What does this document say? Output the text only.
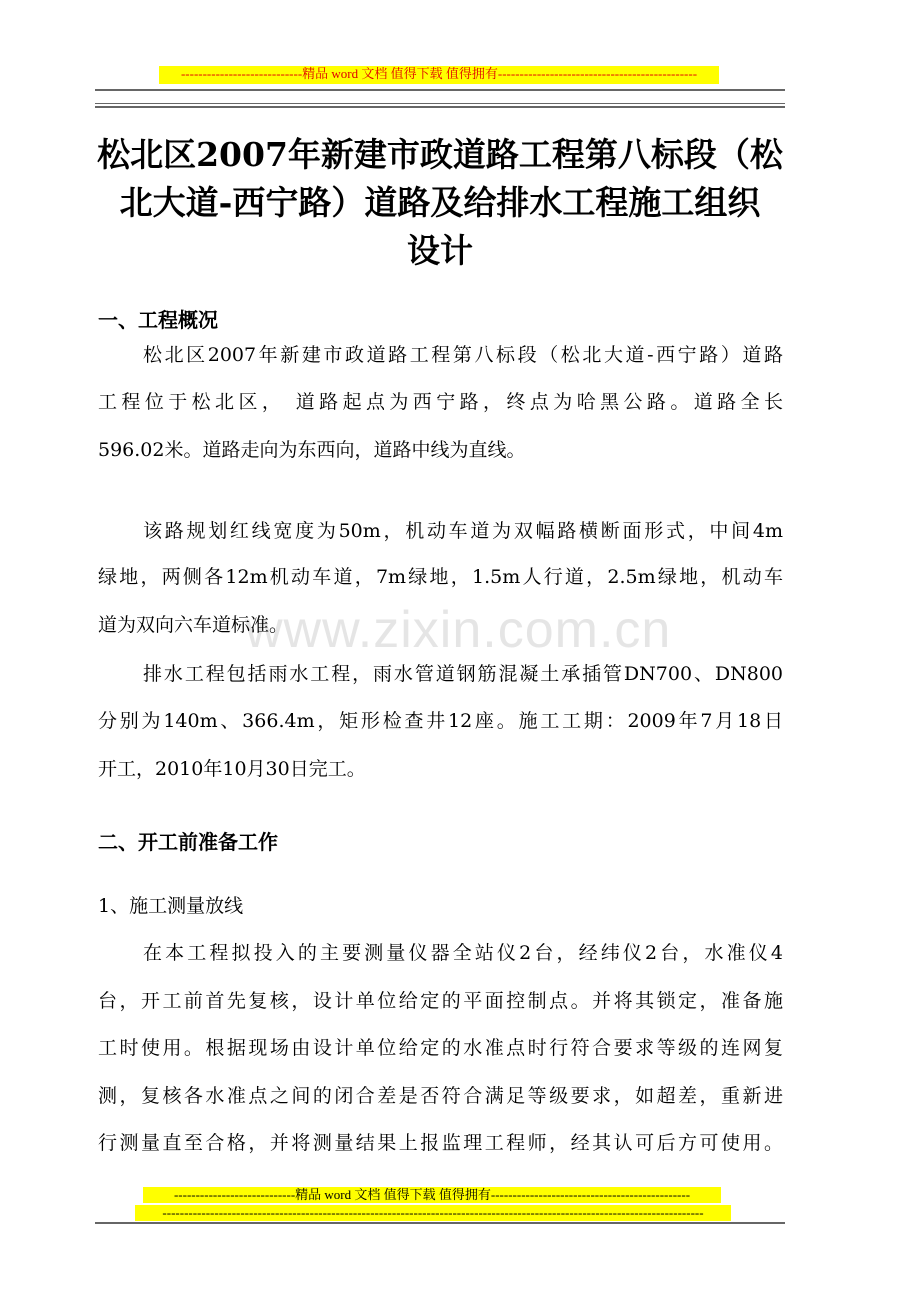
----------------------------精品 word 文档 值得下载 值得拥有----------------------------------------------
www.zixin.com.cn
松北区2007年新建市政道路工程第八标段（松
北大道-西宁路）道路及给排水工程施工组织
设计
一、工程概况
松北区2007年新建市政道路工程第八标段（松北大道-西宁路）道路
工程位于松北区， 道路起点为西宁路，终点为哈黑公路。道路全长
596.02米。道路走向为东西向，道路中线为直线。
该路规划红线宽度为50m，机动车道为双幅路横断面形式，中间4m
绿地，两侧各12m机动车道，7m绿地，1.5m人行道，2.5m绿地，机动车
道为双向六车道标准。
排水工程包括雨水工程，雨水管道钢筋混凝土承插管DN700、DN800
分别为140m、366.4m，矩形检查井12座。施工工期：2009年7月18日
开工，2010年10月30日完工。
二、开工前准备工作
1、施工测量放线
在本工程拟投入的主要测量仪器全站仪2台，经纬仪2台，水准仪4
台，开工前首先复核，设计单位给定的平面控制点。并将其锁定，准备施
工时使用。根据现场由设计单位给定的水准点时行符合要求等级的连网复
测，复核各水准点之间的闭合差是否符合满足等级要求，如超差，重新进
行测量直至合格，并将测量结果上报监理工程师，经其认可后方可使用。
----------------------------精品 word 文档 值得下载 值得拥有----------------------------------------------
-----------------------------------------------------------------------------------------------------------------------------
